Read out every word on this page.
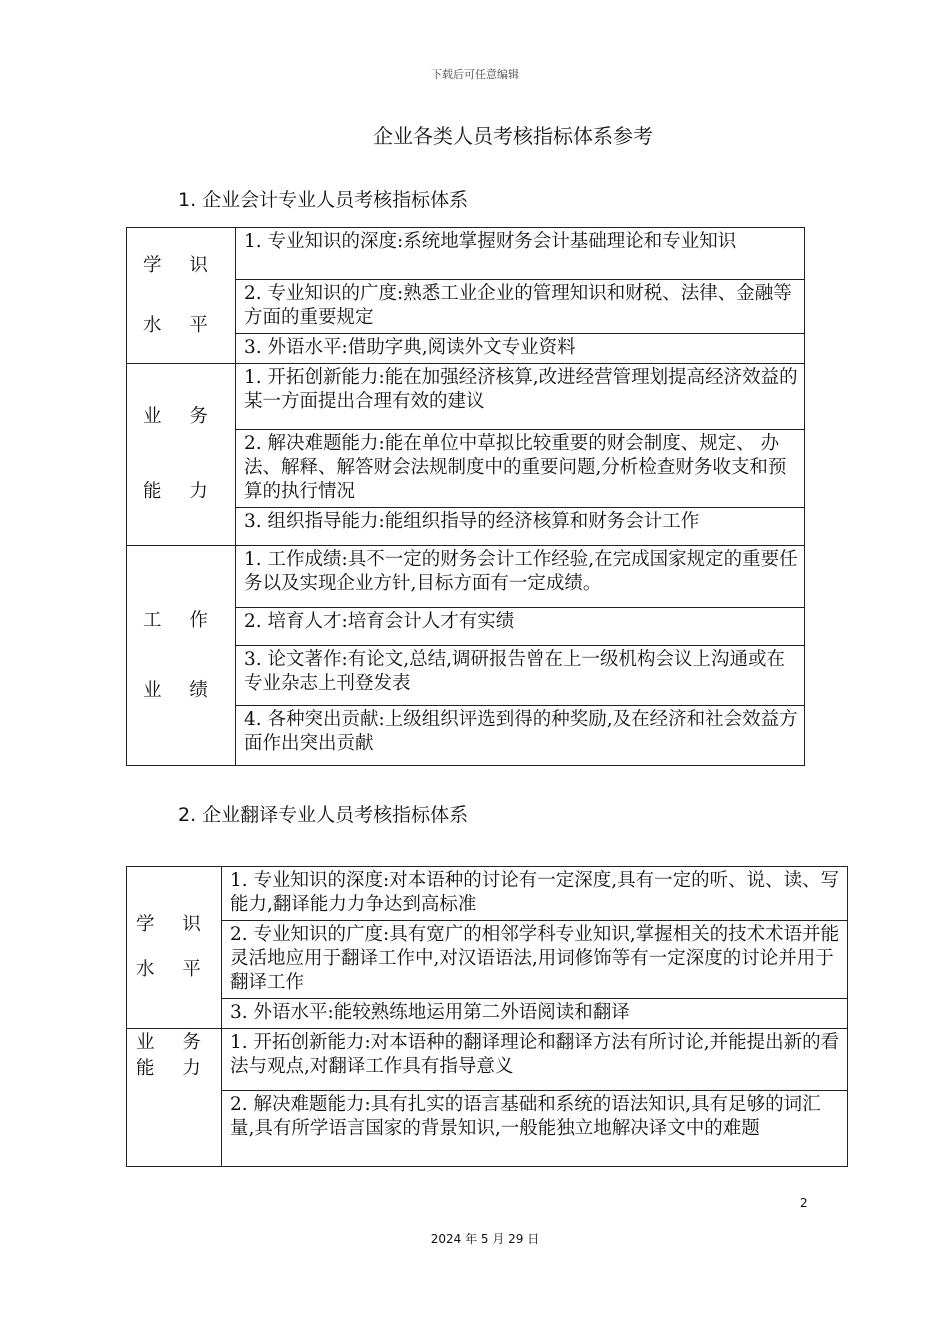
下载后可任意编辑
企业各类人员考核指标体系参考
1. 企业会计专业人员考核指标体系
学 识
水 平	1. 专业知识的深度:系统地掌握财务会计基础理论和专业知识
	2. 专业知识的广度:熟悉工业企业的管理知识和财税、法律、金融等方面的重要规定
	3. 外语水平:借助字典,阅读外文专业资料

业 务
能 力	1. 开拓创新能力:能在加强经济核算,改进经营管理划提高经济效益的某一方面提出合理有效的建议
	2. 解决难题能力:能在单位中草拟比较重要的财会制度、规定、 办法、解释、解答财会法规制度中的重要问题,分析检查财务收支和预算的执行情况
	3. 组织指导能力:能组织指导的经济核算和财务会计工作

工 作
业 绩	1. 工作成绩:具不一定的财务会计工作经验,在完成国家规定的重要任务以及实现企业方针,目标方面有一定成绩。
	2. 培育人才:培育会计人才有实绩
	3. 论文著作:有论文,总结,调研报告曾在上一级机构会议上沟通或在专业杂志上刊登发表
	4. 各种突出贡献:上级组织评选到得的种奖励,及在经济和社会效益方面作出突出贡献
2. 企业翻译专业人员考核指标体系
学 识
水 平	1. 专业知识的深度:对本语种的讨论有一定深度,具有一定的听、说、读、写能力,翻译能力力争达到高标准
	2. 专业知识的广度:具有宽广的相邻学科专业知识,掌握相关的技术术语并能灵活地应用于翻译工作中,对汉语语法,用词修饰等有一定深度的讨论并用于翻译工作
	3. 外语水平:能较熟练地运用第二外语阅读和翻译

业 务
能 力	1. 开拓创新能力:对本语种的翻译理论和翻译方法有所讨论,并能提出新的看法与观点,对翻译工作具有指导意义
	2. 解决难题能力:具有扎实的语言基础和系统的语法知识,具有足够的词汇量,具有所学语言国家的背景知识,一般能独立地解决译文中的难题
2
2024 年 5 月 29 日
